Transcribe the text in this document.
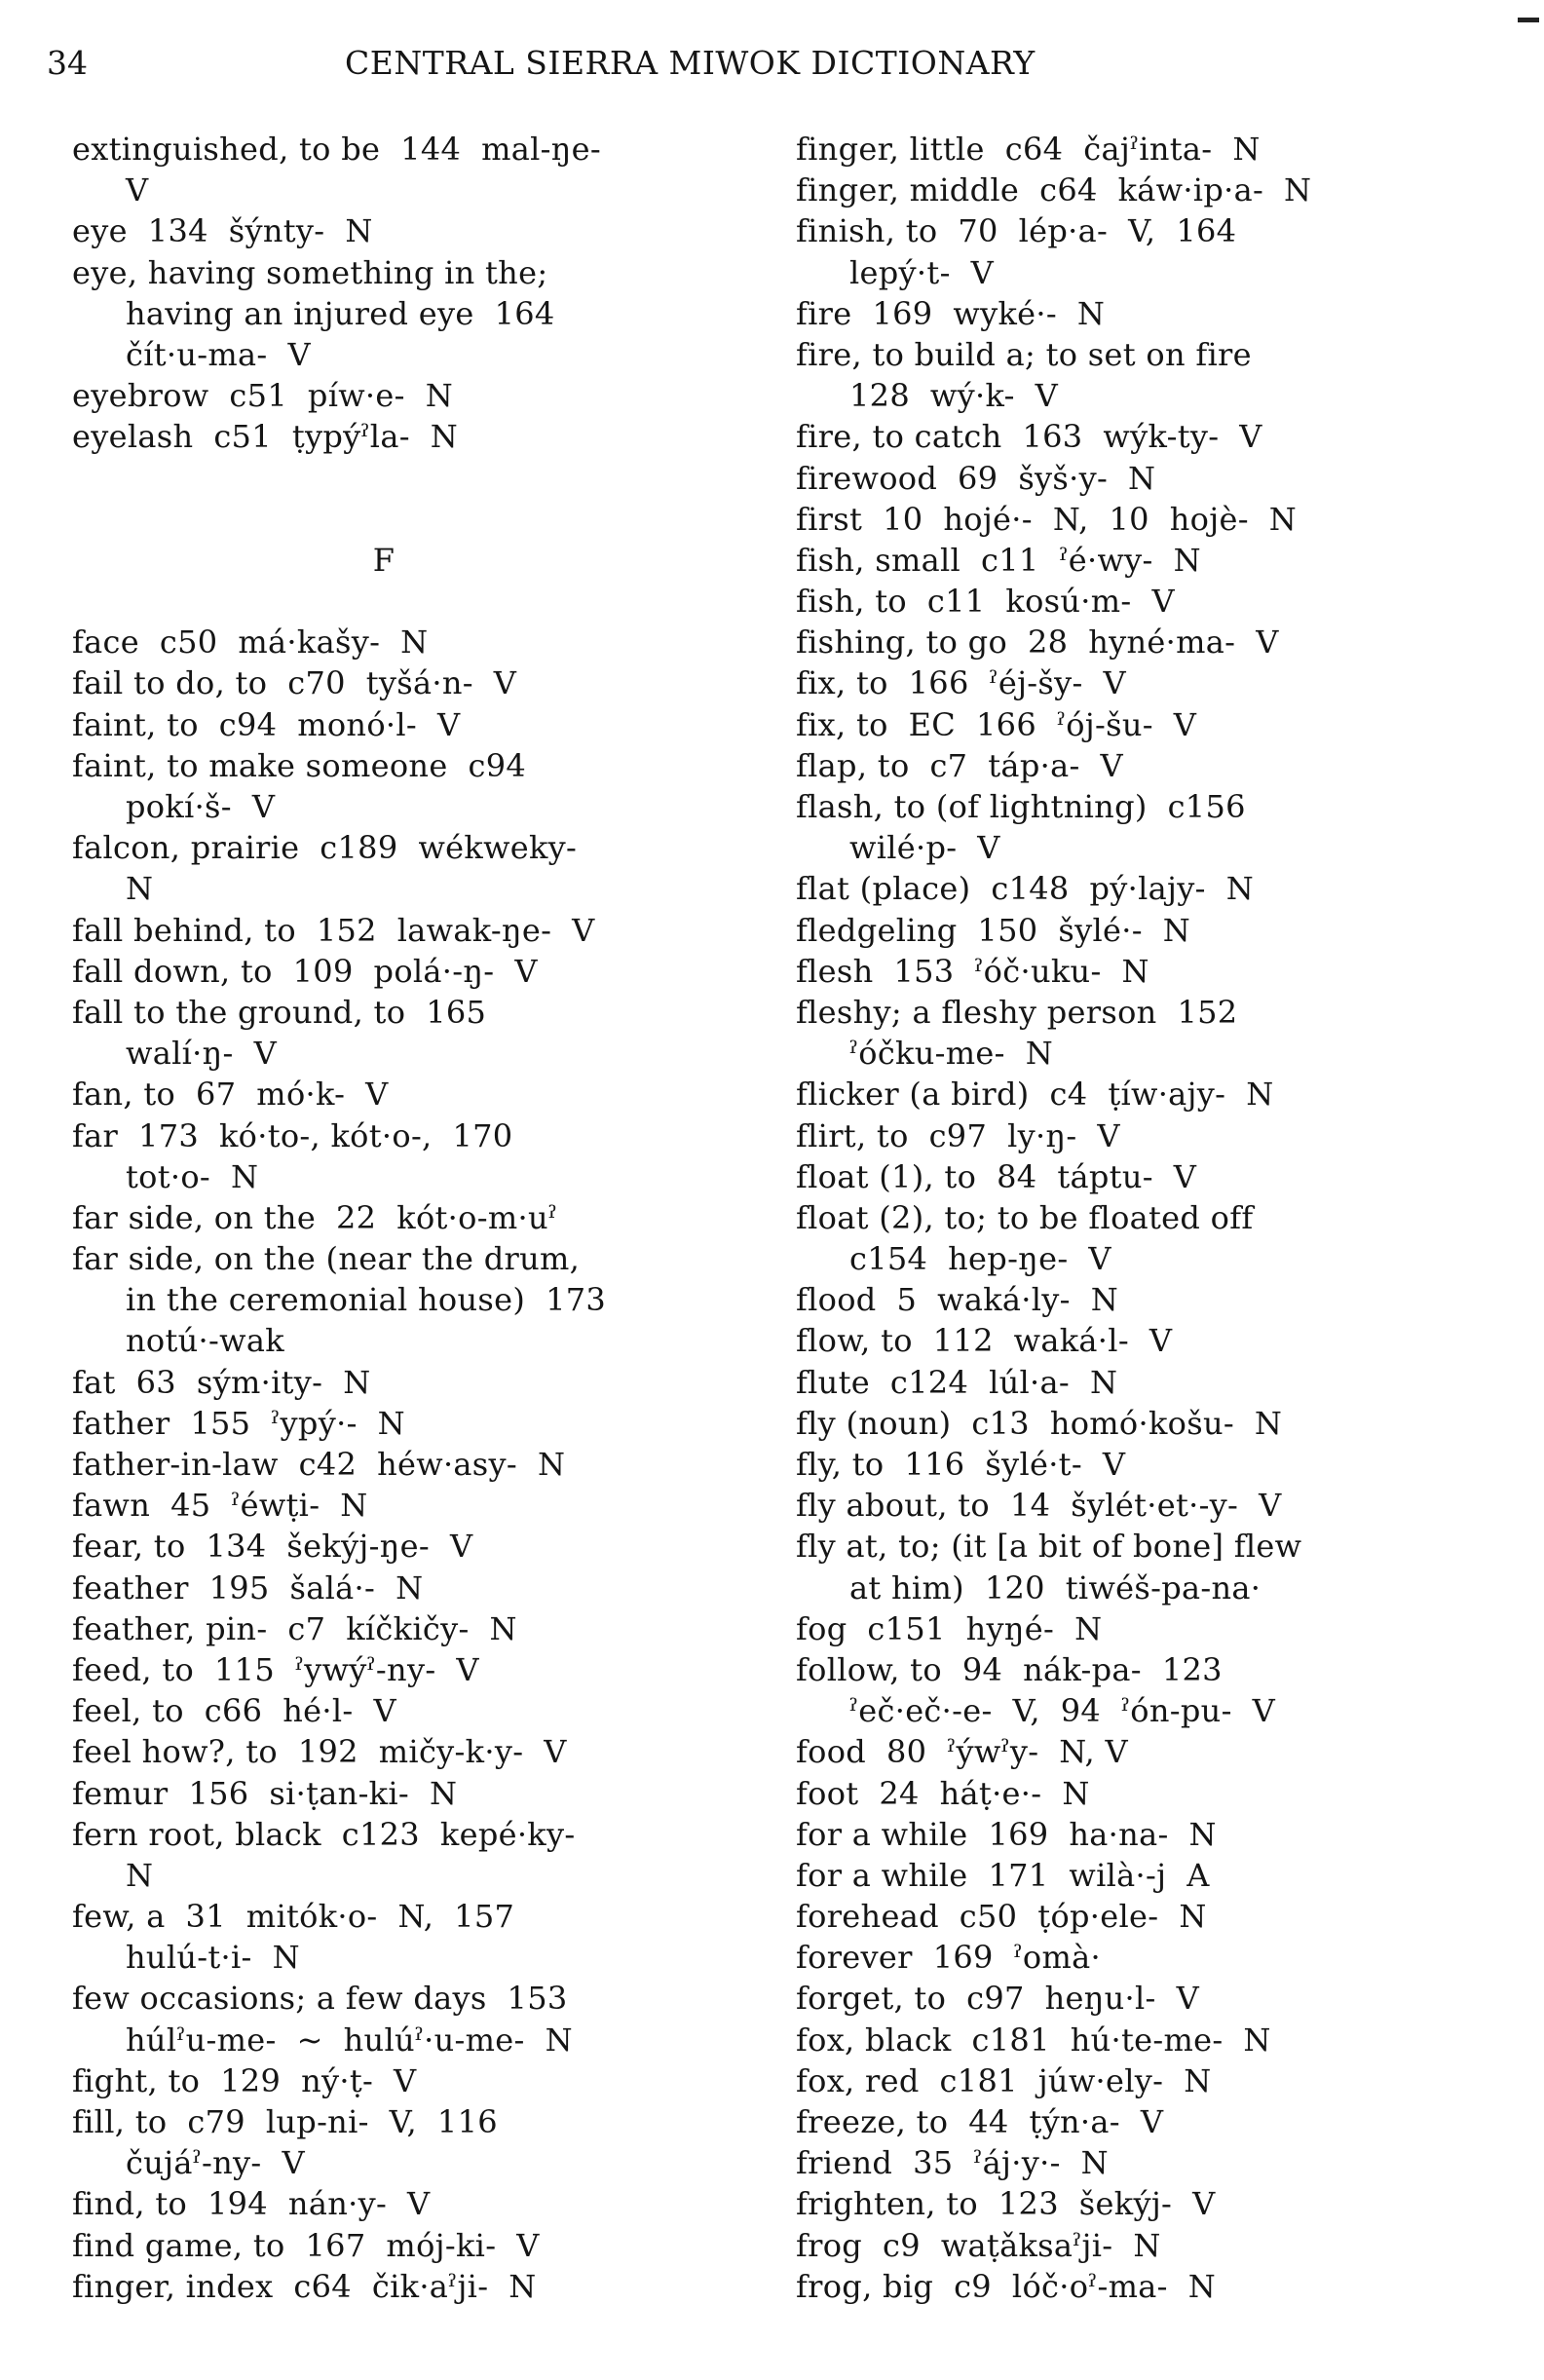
34	CENTRAL SIERRA MIWOK DICTIONARY
extinguished, to be  144  mal-ŋe-
V
eye  134  šýnty-  N
eye, having something in the;
having an injured eye  164
čít·u-ma-  V
eyebrow  c51  píw·e-  N
eyelash  c51  ṭypýˀla-  N
F
face  c50  má·kašy-  N
fail to do, to  c70  tyšá·n-  V
faint, to  c94  monó·l-  V
faint, to make someone  c94
pokí·š-  V
falcon, prairie  c189  wékweky-
N
fall behind, to  152  lawak-ŋe-  V
fall down, to  109  polá·-ŋ-  V
fall to the ground, to  165
walí·ŋ-  V
fan, to  67  mó·k-  V
far  173  kó·to-, kót·o-,  170
tot·o-  N
far side, on the  22  kót·o-m·uˀ
far side, on the (near the drum,
in the ceremonial house)  173
notú·-wak
fat  63  sým·ity-  N
father  155  ˀypý·-  N
father-in-law  c42  héw·asy-  N
fawn  45  ˀéwṭi-  N
fear, to  134  šekýj-ŋe-  V
feather  195  šalá·-  N
feather, pin-  c7  kíčkičy-  N
feed, to  115  ˀywýˀ-ny-  V
feel, to  c66  hé·l-  V
feel how?, to  192  mičy-k·y-  V
femur  156  si·ṭan-ki-  N
fern root, black  c123  kepé·ky-
N
few, a  31  mitók·o-  N,  157
hulú-t·i-  N
few occasions; a few days  153
húlˀu-me-  ~  hulúˀ·u-me-  N
fight, to  129  ný·ṭ-  V
fill, to  c79  lup-ni-  V,  116
čujáˀ-ny-  V
find, to  194  nán·y-  V
find game, to  167  mój-ki-  V
finger, index  c64  čik·aˀji-  N
finger, little  c64  čajˀinta-  N
finger, middle  c64  káw·ip·a-  N
finish, to  70  lép·a-  V,  164
lepý·t-  V
fire  169  wyké·-  N
fire, to build a; to set on fire
128  wý·k-  V
fire, to catch  163  wýk-ty-  V
firewood  69  šyš·y-  N
first  10  hojé·-  N,  10  hojè-  N
fish, small  c11  ˀé·wy-  N
fish, to  c11  kosú·m-  V
fishing, to go  28  hyné·ma-  V
fix, to  166  ˀéj-šy-  V
fix, to  EC  166  ˀój-šu-  V
flap, to  c7  táp·a-  V
flash, to (of lightning)  c156
wilé·p-  V
flat (place)  c148  pý·lajy-  N
fledgeling  150  šylé·-  N
flesh  153  ˀóč·uku-  N
fleshy; a fleshy person  152
ˀóčku-me-  N
flicker (a bird)  c4  ṭíw·ajy-  N
flirt, to  c97  ly·ŋ-  V
float (1), to  84  táptu-  V
float (2), to; to be floated off
c154  hep-ŋe-  V
flood  5  waká·ly-  N
flow, to  112  waká·l-  V
flute  c124  lúl·a-  N
fly (noun)  c13  homó·košu-  N
fly, to  116  šylé·t-  V
fly about, to  14  šylét·et·-y-  V
fly at, to; (it [a bit of bone] flew
at him)  120  tiwéš-pa-na·
fog  c151  hyŋé-  N
follow, to  94  nák-pa-  123
ˀeč·eč·-e-  V,  94  ˀón-pu-  V
food  80  ˀýwˀy-  N, V
foot  24  háṭ·e·-  N
for a while  169  ha·na-  N
for a while  171  wilà·-j  A
forehead  c50  ṭóp·ele-  N
forever  169  ˀomà·
forget, to  c97  heŋu·l-  V
fox, black  c181  hú·te-me-  N
fox, red  c181  júw·ely-  N
freeze, to  44  ṭýn·a-  V
friend  35  ˀáj·y·-  N
frighten, to  123  šekýj-  V
frog  c9  waṭǎksaˀji-  N
frog, big  c9  lóč·oˀ-ma-  N
